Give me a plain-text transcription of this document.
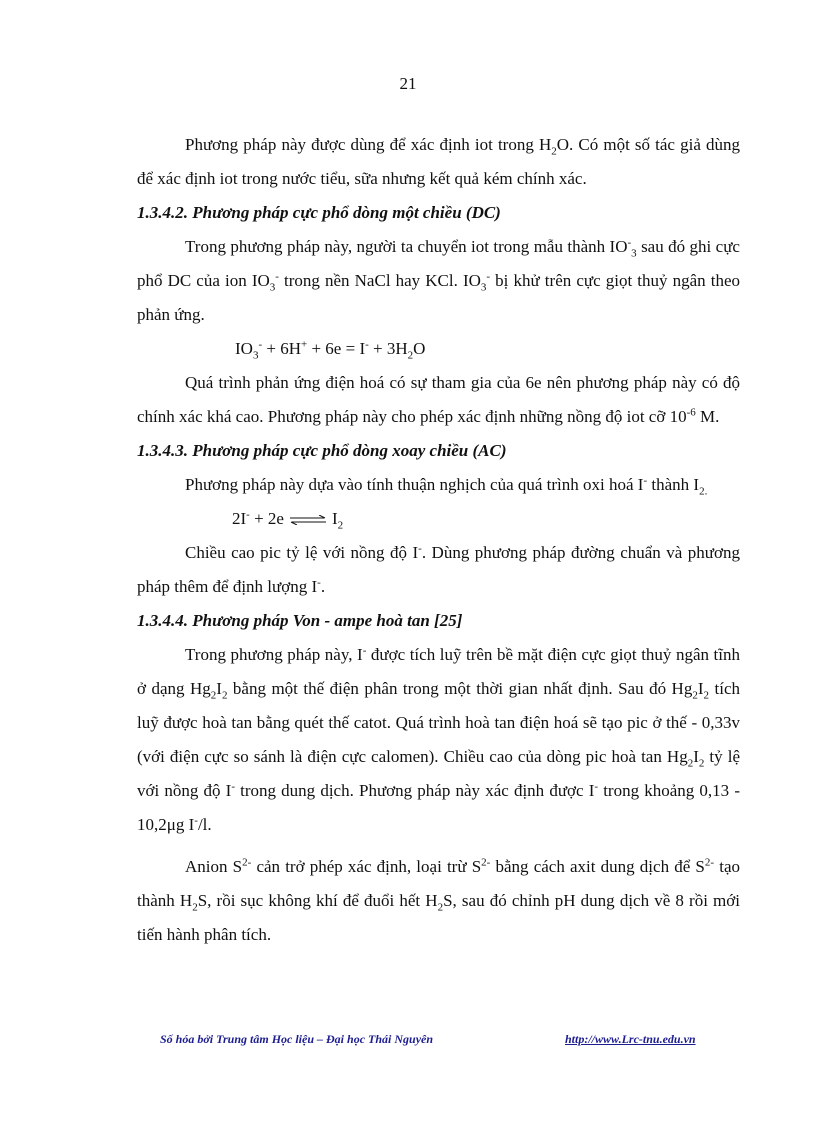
21

Phương pháp này được dùng để xác định iot trong $H_2O$. Có một số tác giả dùng để xác định iot trong nước tiểu, sữa nhưng kết quả kém chính xác.

1.3.4.2. Phương pháp cực phổ dòng một chiều (DC)

Trong phương pháp này, người ta chuyển iot trong mẫu thành $IO^-_3$ sau đó ghi cực phổ DC của ion $IO_3^-$ trong nền NaCl hay KCl. $IO_3^-$ bị khử trên cực giọt thuỷ ngân theo phản ứng.

$IO_3^- + 6H^+ + 6e = I^- + 3H_2O$

Quá trình phản ứng điện hoá có sự tham gia của 6e nên phương pháp này có độ chính xác khá cao. Phương pháp này cho phép xác định những nồng độ iot cỡ $10^{-6}$ M.

1.3.4.3. Phương pháp cực phổ dòng xoay chiều (AC)

Phương pháp này dựa vào tính thuận nghịch của quá trình oxi hoá I- thành $I_{2.}$

2I- + 2e ⇌ $I_2$

Chiều cao pic tỷ lệ với nồng độ I-. Dùng phương pháp đường chuẩn và phương pháp thêm để định lượng I-.

1.3.4.4. Phương pháp Von - ampe hoà tan [25]

Trong phương pháp này, I- được tích luỹ trên bề mặt điện cực giọt thuỷ ngân tĩnh ở dạng $Hg_2I_2$ bằng một thế điện phân trong một thời gian nhất định. Sau đó $Hg_2I_2$ tích luỹ được hoà tan bằng quét thế catot. Quá trình hoà tan điện hoá sẽ tạo pic ở thế - 0,33v (với điện cực so sánh là điện cực calomen). Chiều cao của dòng pic hoà $\tan Hg_2I_2$ tỷ lệ với nồng độ I- trong dung dịch. Phương pháp này xác định được I- trong khoảng 0,13 - 10,2μg I-/l.

Anion $S^{2-}$ cản trở phép xác định, loại trừ $S^{2-}$ bằng cách axit dung dịch để $S^{2-}$ tạo thành $H_2S$, rồi sục không khí để đuổi hết $H_2S$, sau đó chỉnh pH dung dịch về 8 rồi mới tiến hành phân tích.

Số hóa bởi Trung tâm Học liệu – Đại học Thái Nguyên	http://www.Lrc-tnu.edu.vn
